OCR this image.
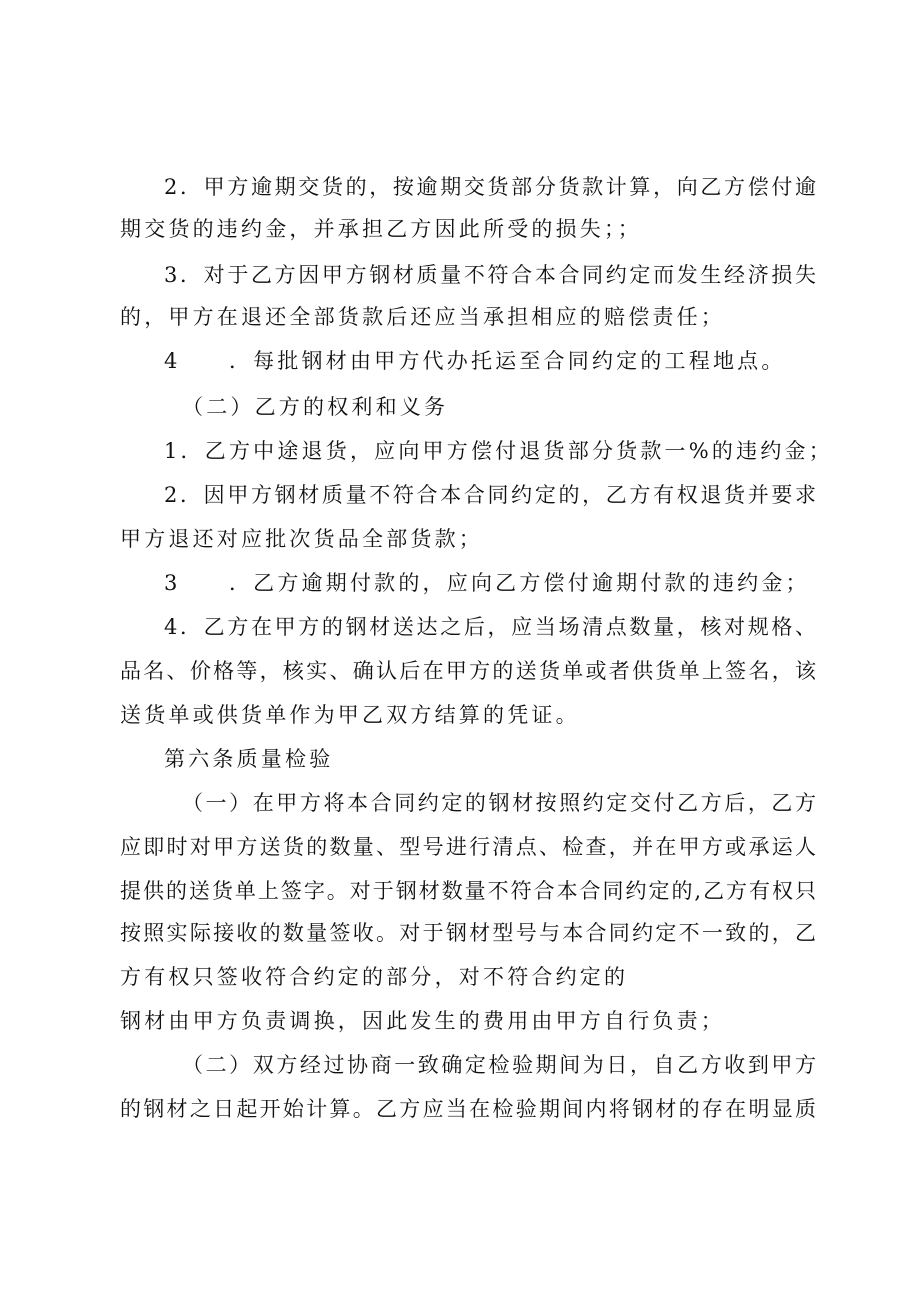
2．甲方逾期交货的，按逾期交货部分货款计算，向乙方偿付逾
期交货的违约金，并承担乙方因此所受的损失；；
3．对于乙方因甲方钢材质量不符合本合同约定而发生经济损失
的，甲方在退还全部货款后还应当承担相应的赔偿责任；
4　　．每批钢材由甲方代办托运至合同约定的工程地点。
（二）乙方的权利和义务
1．乙方中途退货，应向甲方偿付退货部分货款一%的违约金；
2．因甲方钢材质量不符合本合同约定的，乙方有权退货并要求
甲方退还对应批次货品全部货款；
3　　．乙方逾期付款的，应向乙方偿付逾期付款的违约金；
4．乙方在甲方的钢材送达之后，应当场清点数量，核对规格、
品名、价格等，核实、确认后在甲方的送货单或者供货单上签名，该
送货单或供货单作为甲乙双方结算的凭证。
第六条质量检验
（一）在甲方将本合同约定的钢材按照约定交付乙方后，乙方
应即时对甲方送货的数量、型号进行清点、检查，并在甲方或承运人
提供的送货单上签字。对于钢材数量不符合本合同约定的,乙方有权只
按照实际接收的数量签收。对于钢材型号与本合同约定不一致的，乙
方有权只签收符合约定的部分，对不符合约定的
钢材由甲方负责调换，因此发生的费用由甲方自行负责；
（二）双方经过协商一致确定检验期间为日，自乙方收到甲方
的钢材之日起开始计算。乙方应当在检验期间内将钢材的存在明显质
